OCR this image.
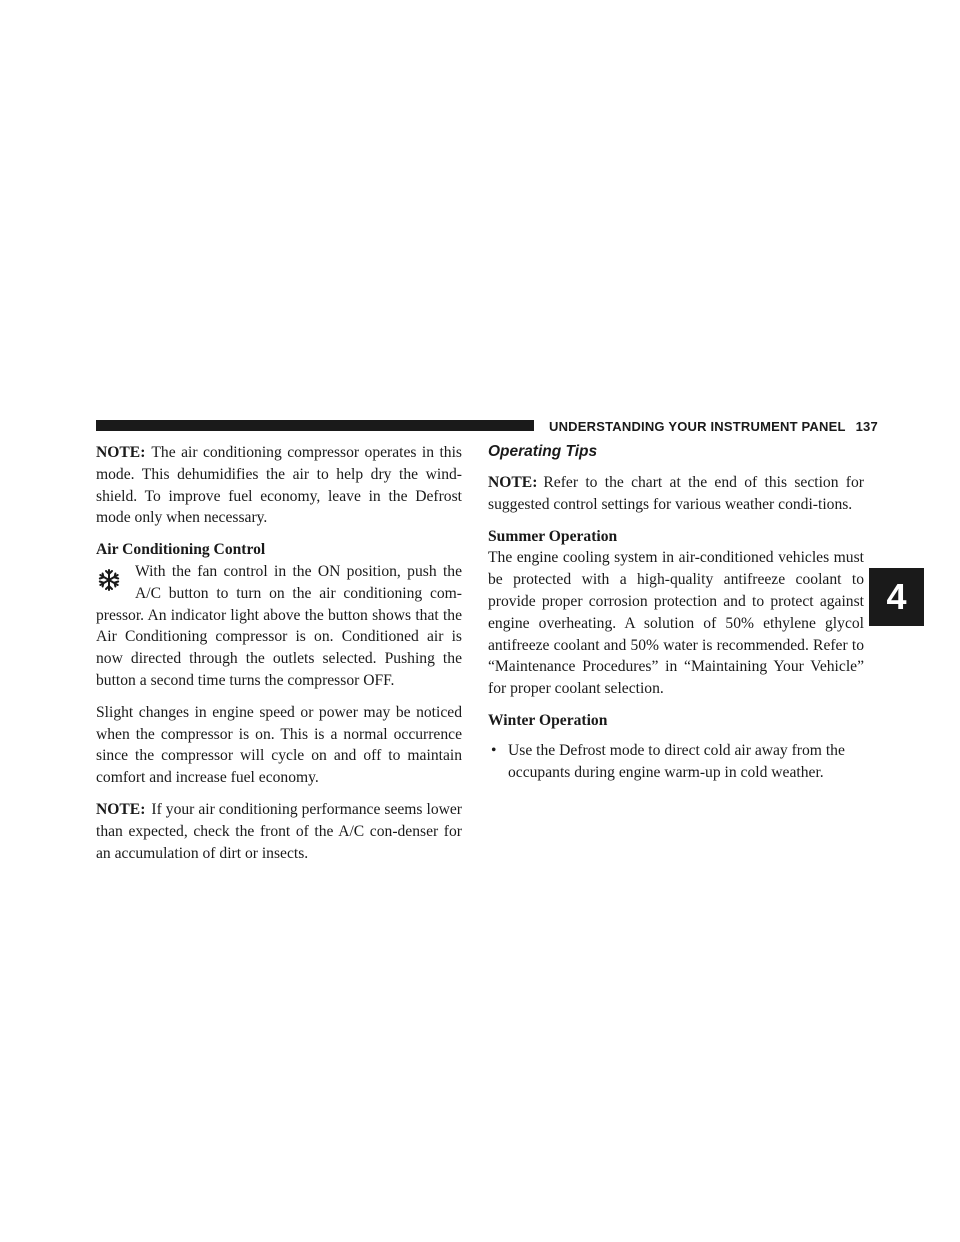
UNDERSTANDING YOUR INSTRUMENT PANEL 137
4

NOTE: The air conditioning compressor operates in this mode. This dehumidifies the air to help dry the wind-shield. To improve fuel economy, leave in the Defrost mode only when necessary.

Air Conditioning Control

With the fan control in the ON position, push the A/C button to turn on the air conditioning com-pressor. An indicator light above the button shows that the Air Conditioning compressor is on. Conditioned air is now directed through the outlets selected. Pushing the button a second time turns the compressor OFF.

Slight changes in engine speed or power may be noticed when the compressor is on. This is a normal occurrence since the compressor will cycle on and off to maintain comfort and increase fuel economy.

NOTE: If your air conditioning performance seems lower than expected, check the front of the A/C con-denser for an accumulation of dirt or insects.

Operating Tips

NOTE: Refer to the chart at the end of this section for suggested control settings for various weather condi-tions.

Summer Operation

The engine cooling system in air-conditioned vehicles must be protected with a high-quality antifreeze coolant to provide proper corrosion protection and to protect against engine overheating. A solution of 50% ethylene glycol antifreeze coolant and 50% water is recommended. Refer to “Maintenance Procedures” in “Maintaining Your Vehicle” for proper coolant selection.

Winter Operation
• Use the Defrost mode to direct cold air away from the occupants during engine warm-up in cold weather.
